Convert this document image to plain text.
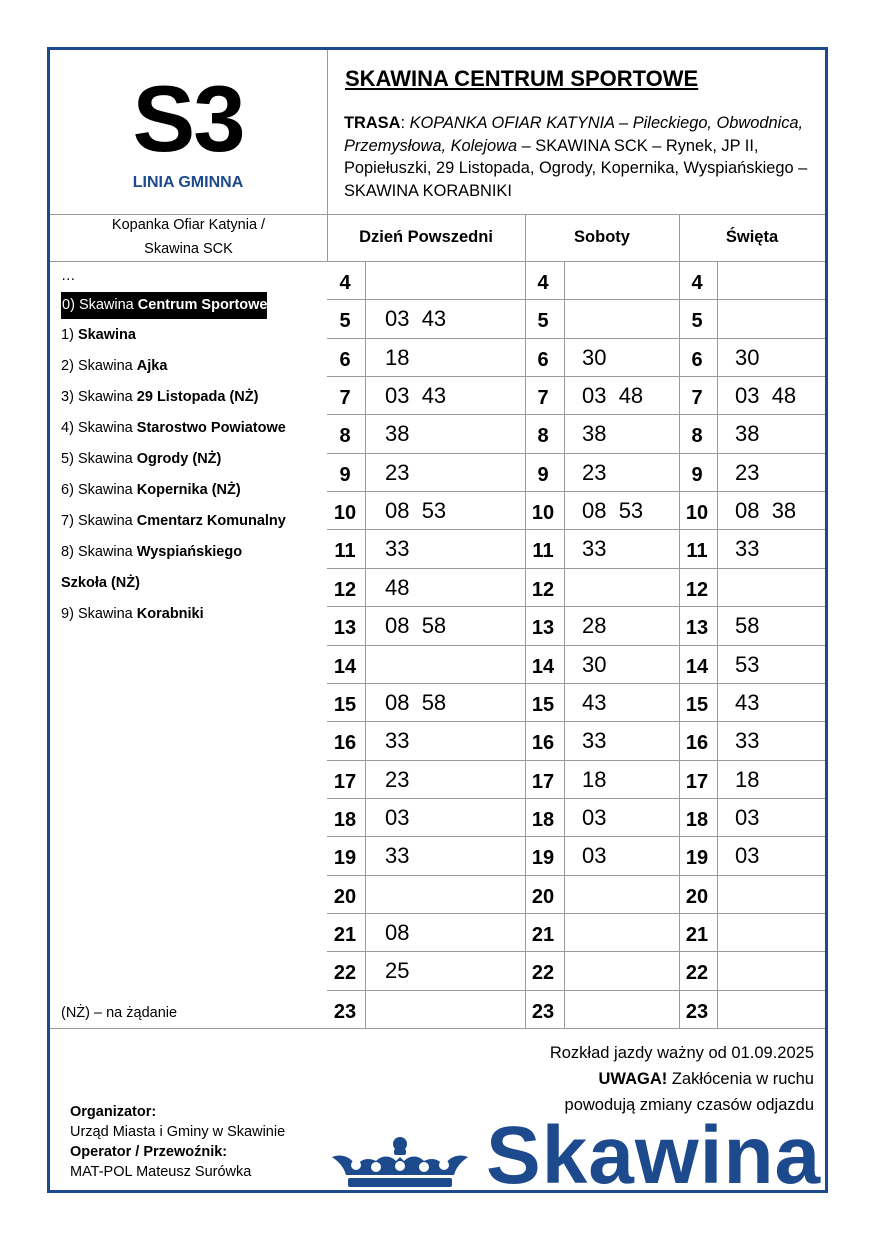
S3
LINIA GMINNA
SKAWINA CENTRUM SPORTOWE
TRASA: KOPANKA OFIAR KATYNIA – Pileckiego, Obwodnica, Przemysłowa, Kolejowa – SKAWINA SCK – Rynek, JP II, Popiełuszki, 29 Listopada, Ogrody, Kopernika, Wyspiańskiego – SKAWINA KORABNIKI
Kopanka Ofiar Katynia /
Skawina SCK
Dzień Powszedni	Soboty	Święta
…
0) Skawina Centrum Sportowe
1) Skawina
2) Skawina Ajka
3) Skawina 29 Listopada (NŻ)
4) Skawina Starostwo Powiatowe
5) Skawina Ogrody (NŻ)
6) Skawina Kopernika (NŻ)
7) Skawina Cmentarz Komunalny
8) Skawina Wyspiańskiego
Szkoła (NŻ)
9) Skawina Korabniki
(NŻ) – na żądanie
4	4	4
5	03  43	5	5
6	18	6	30	6	30
7	03  43	7	03  48	7	03  48
8	38	8	38	8	38
9	23	9	23	9	23
10	08  53	10	08  53	10	08  38
11	33	11	33	11	33
12	48	12	12
13	08  58	13	28	13	58
14	14	30	14	53
15	08  58	15	43	15	43
16	33	16	33	16	33
17	23	17	18	17	18
18	03	18	03	18	03
19	33	19	03	19	03
20	20	20
21	08	21	21
22	25	22	22
23	23	23
Rozkład jazdy ważny od 01.09.2025
UWAGA! Zakłócenia w ruchu
powodują zmiany czasów odjazdu
Organizator:
Urząd Miasta i Gminy w Skawinie
Operator / Przewoźnik:
MAT-POL Mateusz Surówka	Skawina
